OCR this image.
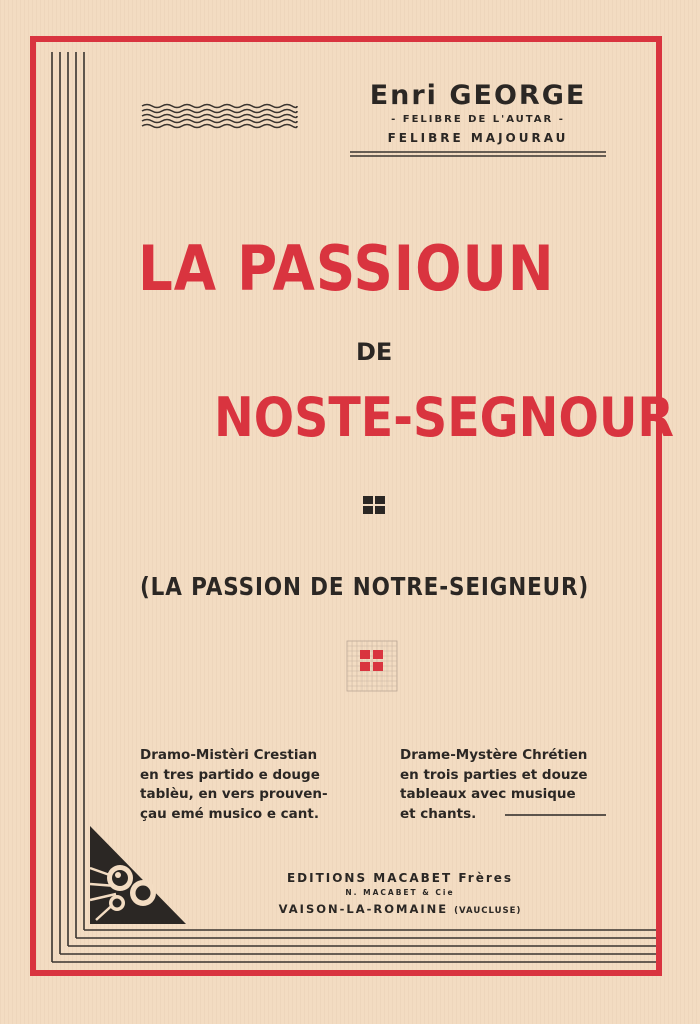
Enri GEORGE
- FELIBRE DE L'AUTAR -
FELIBRE MAJOURAU
LA PASSIOUN
DE
NOSTE-SEGNOUR
(LA PASSION DE NOTRE-SEIGNEUR)
Dramo-Mistèri Crestian
en tres partido e douge
tablèu, en vers prouven-
çau emé musico e cant.
Drame-Mystère Chrétien
en trois parties et douze
tableaux avec musique
et chants.
EDITIONS MACABET Frères
N. MACABET & Cie
VAISON-LA-ROMAINE (VAUCLUSE)
